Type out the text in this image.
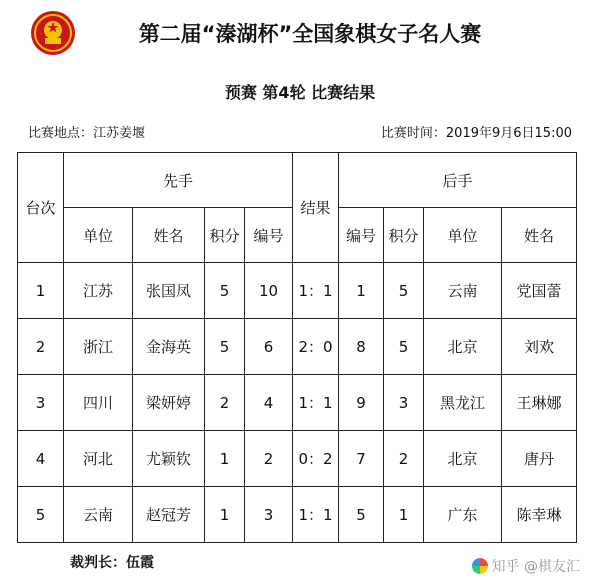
第二届“溱湖杯”全国象棋女子名人赛
预赛 第4轮 比赛结果
比赛地点：江苏姜堰	比赛时间：2019年9月6日15:00
台次	先手				结果	后手			
	单位	姓名	积分	编号		编号	积分	单位	姓名
1	江苏	张国凤	5	10	1：1	1	5	云南	党国蕾
2	浙江	金海英	5	6	2：0	8	5	北京	刘欢
3	四川	梁妍婷	2	4	1：1	9	3	黑龙江	王琳娜
4	河北	尤颖钦	1	2	0：2	7	2	北京	唐丹
5	云南	赵冠芳	1	3	1：1	5	1	广东	陈幸琳
裁判长：伍霞	知乎 @棋友汇
